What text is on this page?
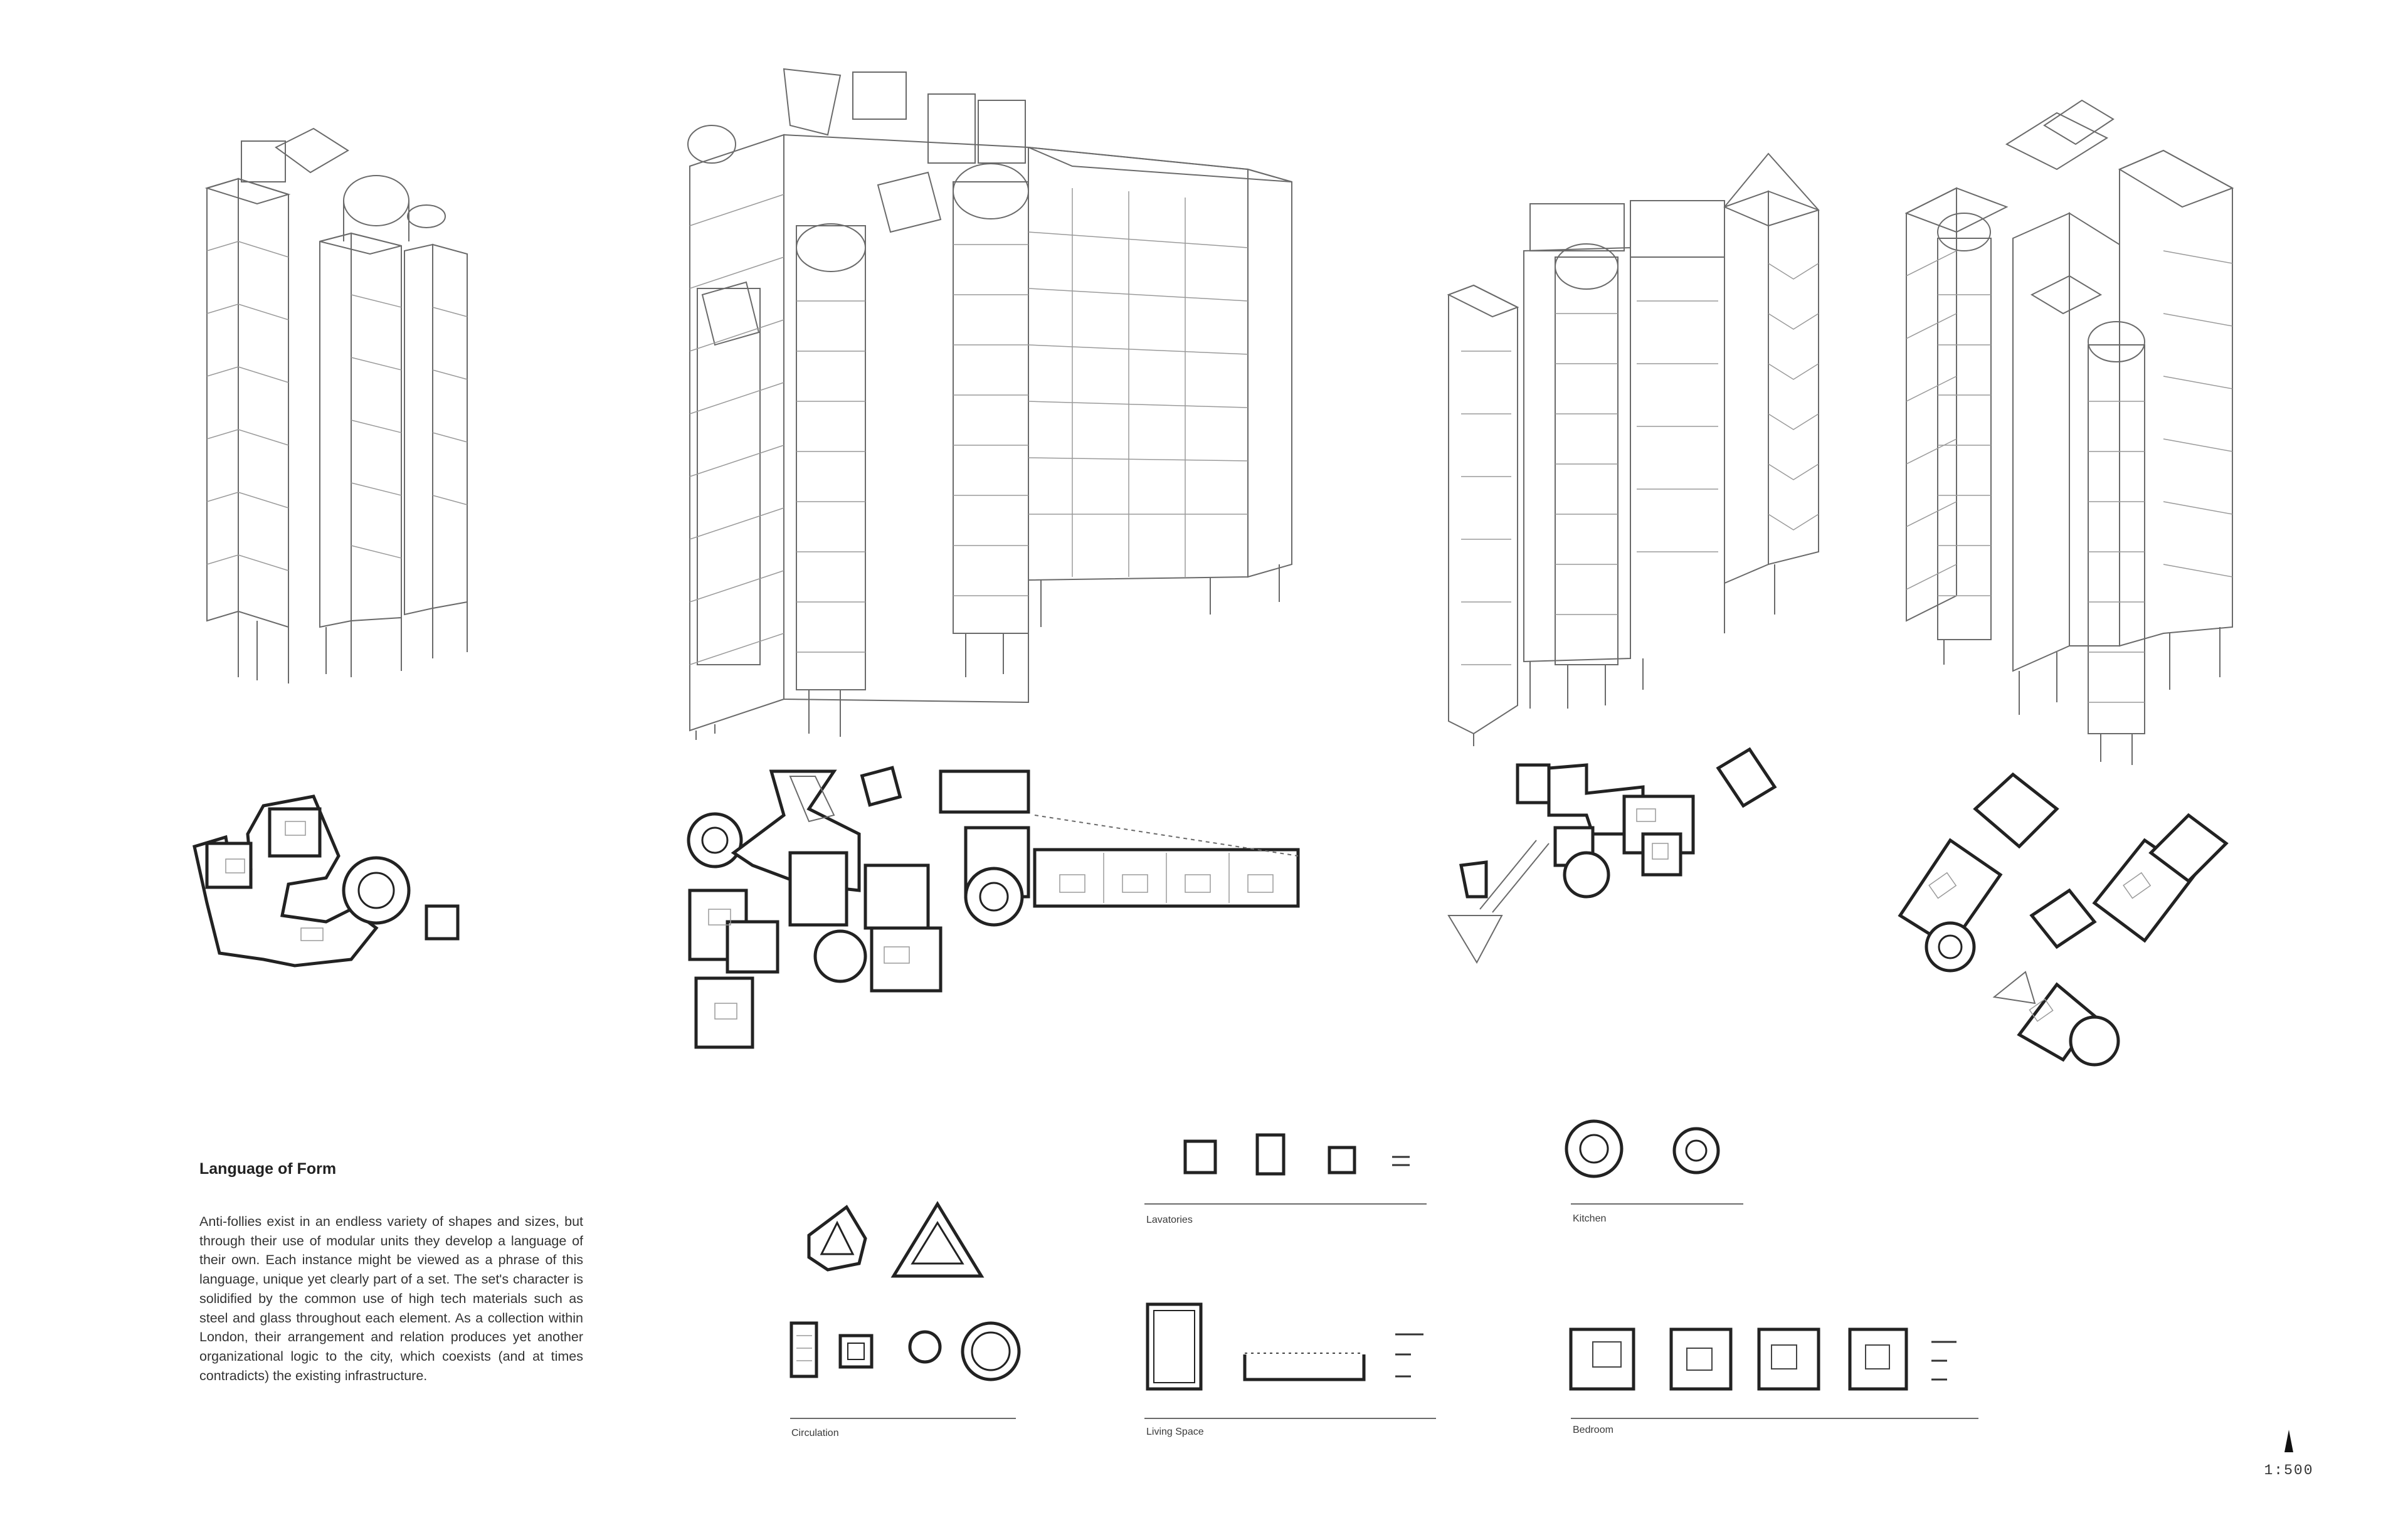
Circulation
Lavatories	Kitchen
Living Space	Bedroom
Language of Form

Anti-follies exist in an endless variety of shapes and sizes, but through their use of modular units they develop a language of their own. Each instance might be viewed as a phrase of this language, unique yet clearly part of a set. The set's character is solidified by the common use of high tech materials such as steel and glass throughout each element. As a collection within London, their arrangement and relation produces yet another organizational logic to the city, which coexists (and at times contradicts) the existing infrastructure.

1:500
